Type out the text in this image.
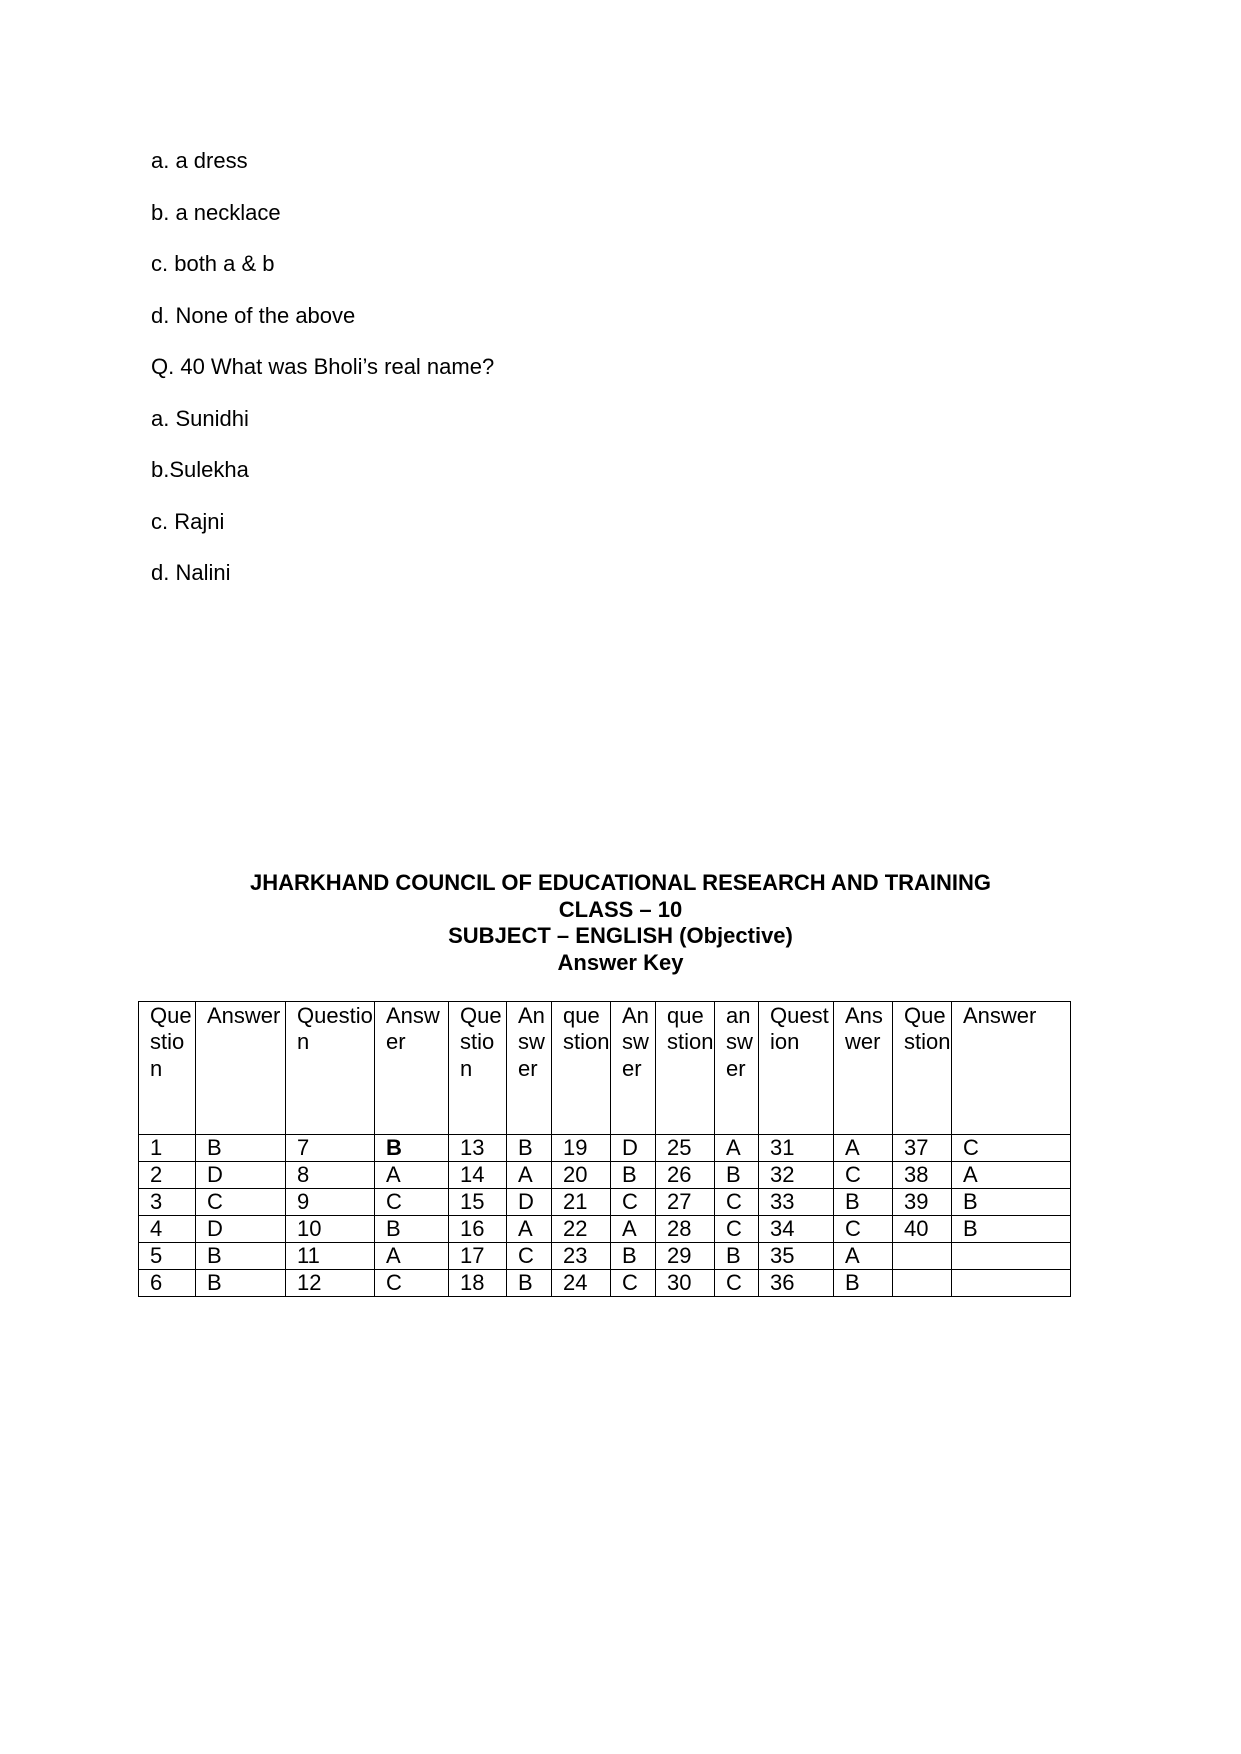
a. a dress
b. a necklace
c. both a & b
d. None of the above
Q. 40 What was Bholi’s real name?
a. Sunidhi
b.Sulekha
c. Rajni
d. Nalini
JHARKHAND COUNCIL OF EDUCATIONAL RESEARCH AND TRAINING
CLASS – 10
SUBJECT – ENGLISH (Objective)
Answer Key
Question	Answer	Question	Answer	Question	Answer	question	Answer	question	answer	Question	Answer	Question	Answer
1	B	7	B	13	B	19	D	25	A	31	A	37	C
2	D	8	A	14	A	20	B	26	B	32	C	38	A
3	C	9	C	15	D	21	C	27	C	33	B	39	B
4	D	10	B	16	A	22	A	28	C	34	C	40	B
5	B	11	A	17	C	23	B	29	B	35	A		
6	B	12	C	18	B	24	C	30	C	36	B		
